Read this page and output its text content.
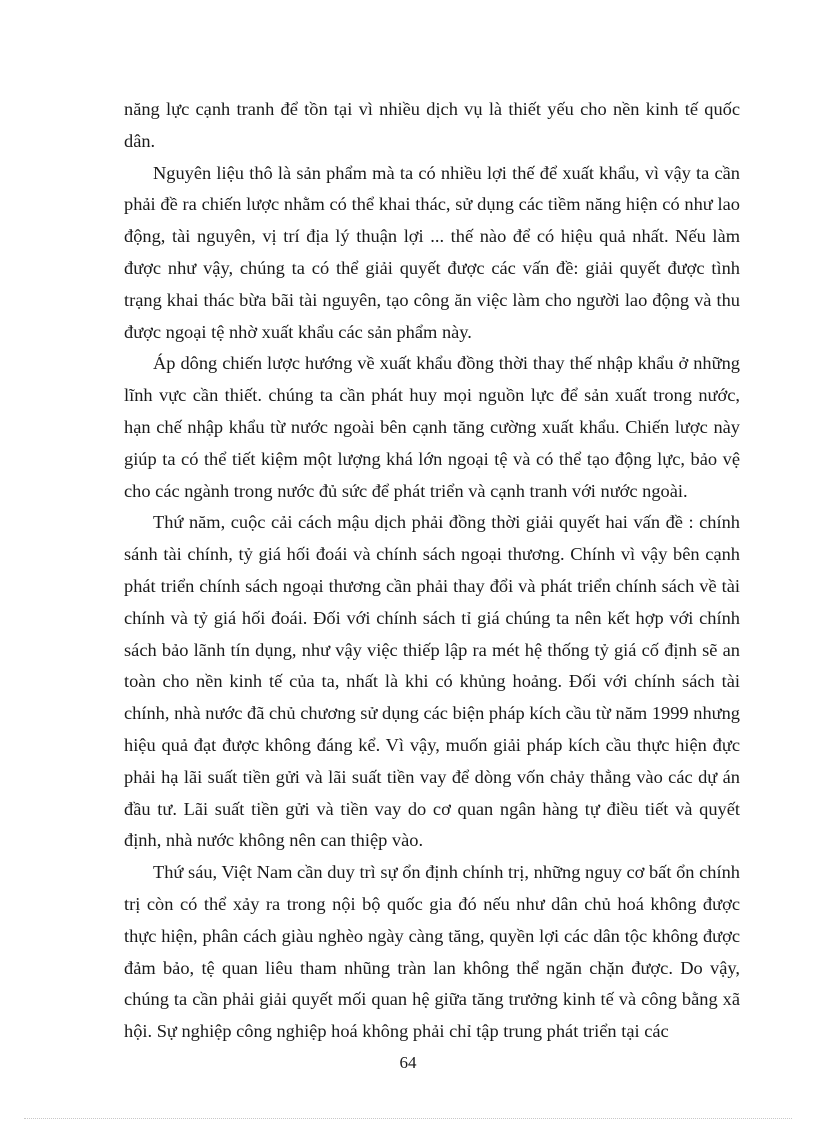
năng lực cạnh tranh để tồn tại vì nhiều dịch vụ là thiết yếu cho nền kinh tế quốc dân.

Nguyên liệu thô là sản phẩm mà ta có nhiều lợi thế để xuất khẩu, vì vậy ta cần phải đề ra chiến lược nhằm có thể khai thác, sử dụng các tiềm năng hiện có như lao động, tài nguyên, vị trí địa lý thuận lợi ... thế nào để có hiệu quả nhất. Nếu làm được như vậy, chúng ta có thể giải quyết được các vấn đề: giải quyết được tình trạng khai thác bừa bãi tài nguyên, tạo công ăn việc làm cho người lao động và thu được ngoại tệ nhờ xuất khẩu các sản phẩm này.

Áp dông chiến lược hướng về xuất khẩu đồng thời thay thế nhập khẩu ở những lĩnh vực cần thiết. chúng ta cần phát huy mọi nguồn lực để sản xuất trong nước, hạn chế nhập khẩu từ nước ngoài bên cạnh tăng cường xuất khẩu. Chiến lược này giúp ta có thể tiết kiệm một lượng khá lớn ngoại tệ và có thể tạo động lực, bảo vệ cho các ngành trong nước đủ sức để phát triển và cạnh tranh với nước ngoài.

Thứ năm, cuộc cải cách mậu dịch phải đồng thời giải quyết hai vấn đề : chính sánh tài chính, tỷ giá hối đoái và chính sách ngoại thương. Chính vì vậy bên cạnh phát triển chính sách ngoại thương cần phải thay đổi và phát triển chính sách về tài chính và tỷ giá hối đoái. Đối với chính sách tỉ giá chúng ta nên kết hợp với chính sách bảo lãnh tín dụng, như vậy việc thiếp lập ra mét hệ thống tỷ giá cố định sẽ an toàn cho nền kinh tế của ta, nhất là khi có khủng hoảng. Đối với chính sách tài chính, nhà nước đã chủ chương sử dụng các biện pháp kích cầu từ năm 1999 nhưng hiệu quả đạt được không đáng kể. Vì vậy, muốn giải pháp kích cầu thực hiện đực phải hạ lãi suất tiền gửi và lãi suất tiền vay để dòng vốn chảy thẳng vào các dự án đầu tư. Lãi suất tiền gửi và tiền vay do cơ quan ngân hàng tự điều tiết và quyết định, nhà nước không nên can thiệp vào.

Thứ sáu, Việt Nam cần duy trì sự ổn định chính trị, những nguy cơ bất ổn chính trị còn có thể xảy ra trong nội bộ quốc gia đó nếu như dân chủ hoá không được thực hiện, phân cách giàu nghèo ngày càng tăng, quyền lợi các dân tộc không được đảm bảo, tệ quan liêu tham nhũng tràn lan không thể ngăn chặn được. Do vậy, chúng ta cần phải giải quyết mối quan hệ giữa tăng trưởng kinh tế và công bằng xã hội. Sự nghiệp công nghiệp hoá không phải chỉ tập trung phát triển tại các

64
